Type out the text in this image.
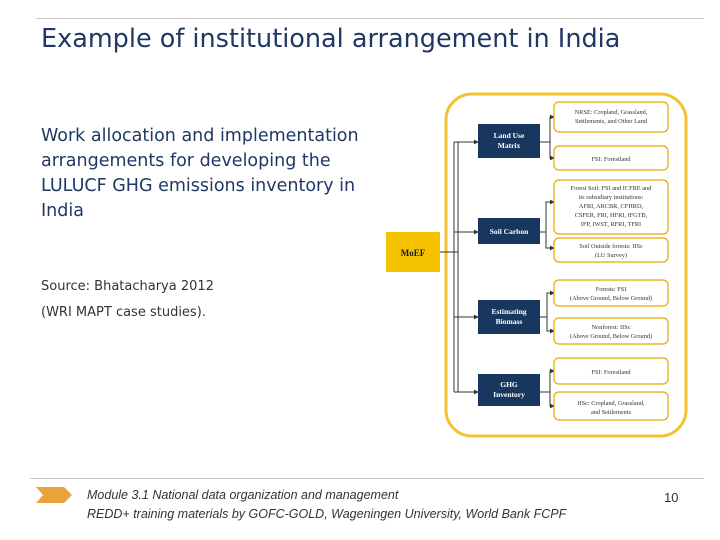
Example of institutional arrangement in India
Work allocation and implementation arrangements for developing the LULUCF GHG emissions inventory in India
Source: Bhatacharya 2012
(WRI MAPT case studies).
MoEF
Land Use
Matrix
Soil Carbon
Estimating
Biomass
GHG
Inventory
NRSE: Cropland, Grassland,
Settlements, and Other Land
FSI: Forestland
Forest Soil: FSI and ICFRE and
its subsidiary institutions:
AFRI, ARCBR, CFHRD,
CSFER, FRI, HFRI, IFGTB,
IFP, IWST, RFRI, TFRI
Soil Outside forests: IISc
(LU Survey)
Forests: FSI
(Above Ground, Below Ground)
Nonforest: IISc
(Above Ground, Below Ground)
FSI: Forestland
IISc: Cropland, Grassland,
and Settlements
Module 3.1 National data organization and management
REDD+ training materials by GOFC-GOLD, Wageningen University, World Bank FCPF
10
